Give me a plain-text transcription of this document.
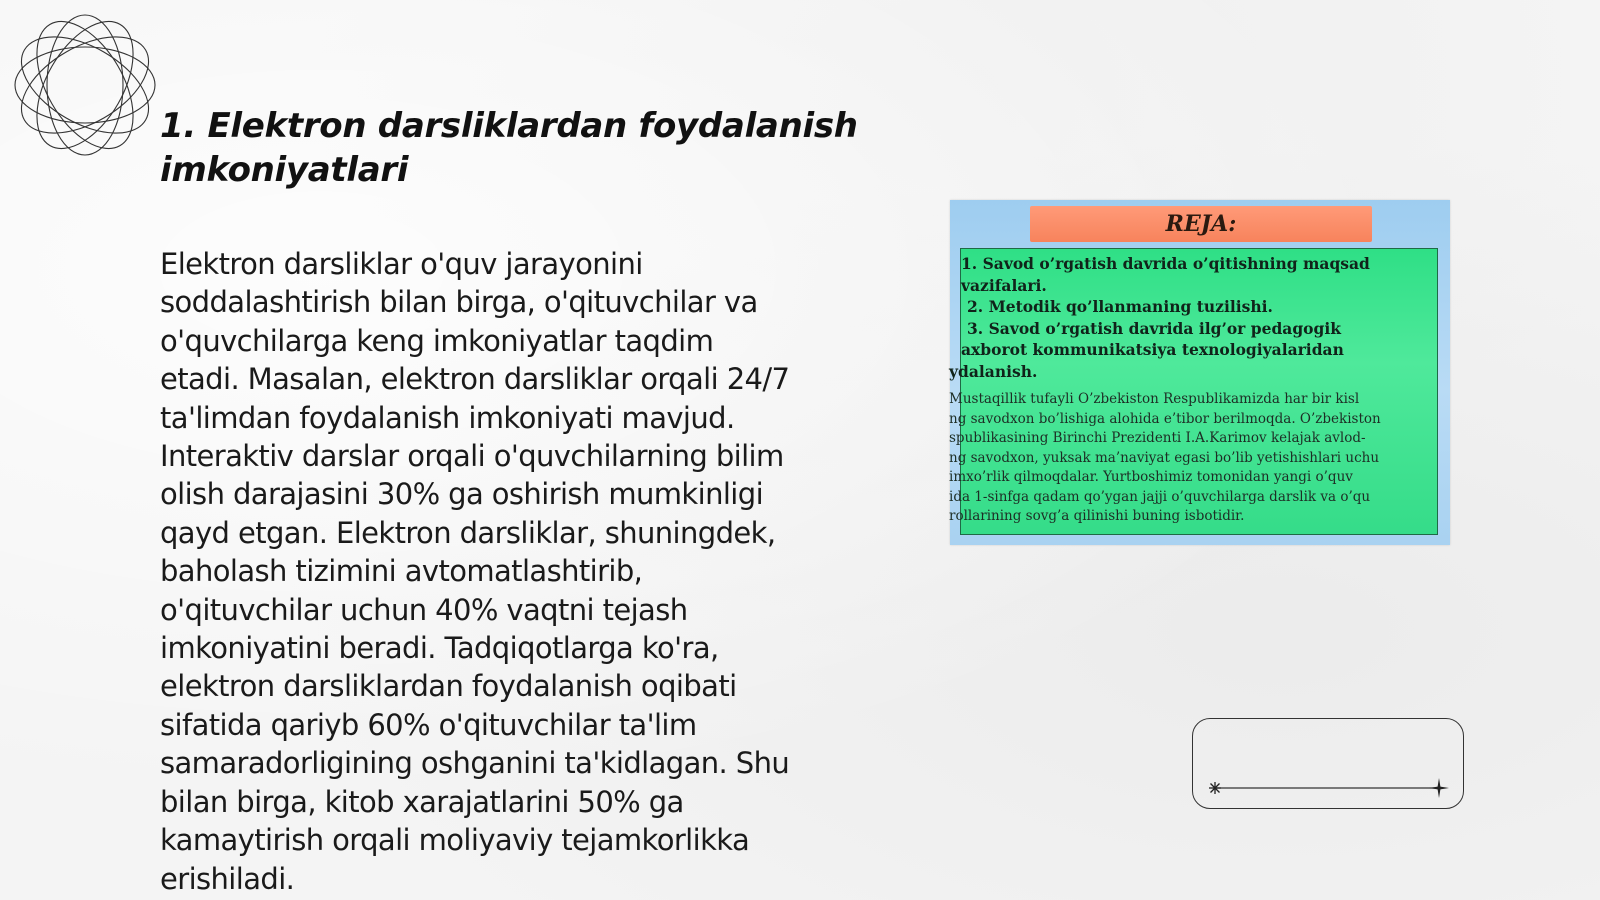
1. Elektron darsliklardan foydalanish
imkoniyatlari
Elektron darsliklar o'quv jarayonini
soddalashtirish bilan birga, o'qituvchilar va
o'quvchilarga keng imkoniyatlar taqdim
etadi. Masalan, elektron darsliklar orqali 24/7
ta'limdan foydalanish imkoniyati mavjud.
Interaktiv darslar orqali o'quvchilarning bilim
olish darajasini 30% ga oshirish mumkinligi
qayd etgan. Elektron darsliklar, shuningdek,
baholash tizimini avtomatlashtirib,
o'qituvchilar uchun 40% vaqtni tejash
imkoniyatini beradi. Tadqiqotlarga ko'ra,
elektron darsliklardan foydalanish oqibati
sifatida qariyb 60% o'qituvchilar ta'lim
samaradorligining oshganini ta'kidlagan. Shu
bilan birga, kitob xarajatlarini 50% ga
kamaytirish orqali moliyaviy tejamkorlikka
erishiladi.
REJA:
1. Savod o’rgatish davrida o’qitishning maqsad
vazifalari.
2. Metodik qo’llanmaning tuzilishi.
3. Savod o’rgatish davrida ilg’or pedagogik
axborot kommunikatsiya texnologiyalaridan
ydalanish.
Mustaqillik tufayli O’zbekiston Respublikamizda har bir kisl
ng savodxon bo’lishiga alohida e’tibor berilmoqda. O’zbekiston
spublikasining Birinchi Prezidenti I.A.Karimov kelajak avlod-
ng savodxon, yuksak ma’naviyat egasi bo’lib yetishishlari uchu
imxo’rlik qilmoqdalar. Yurtboshimiz tomonidan yangi o’quv
ida 1-sinfga qadam qo’ygan jajji o’quvchilarga darslik va o’qu
rollarining sovg’a qilinishi buning isbotidir.
